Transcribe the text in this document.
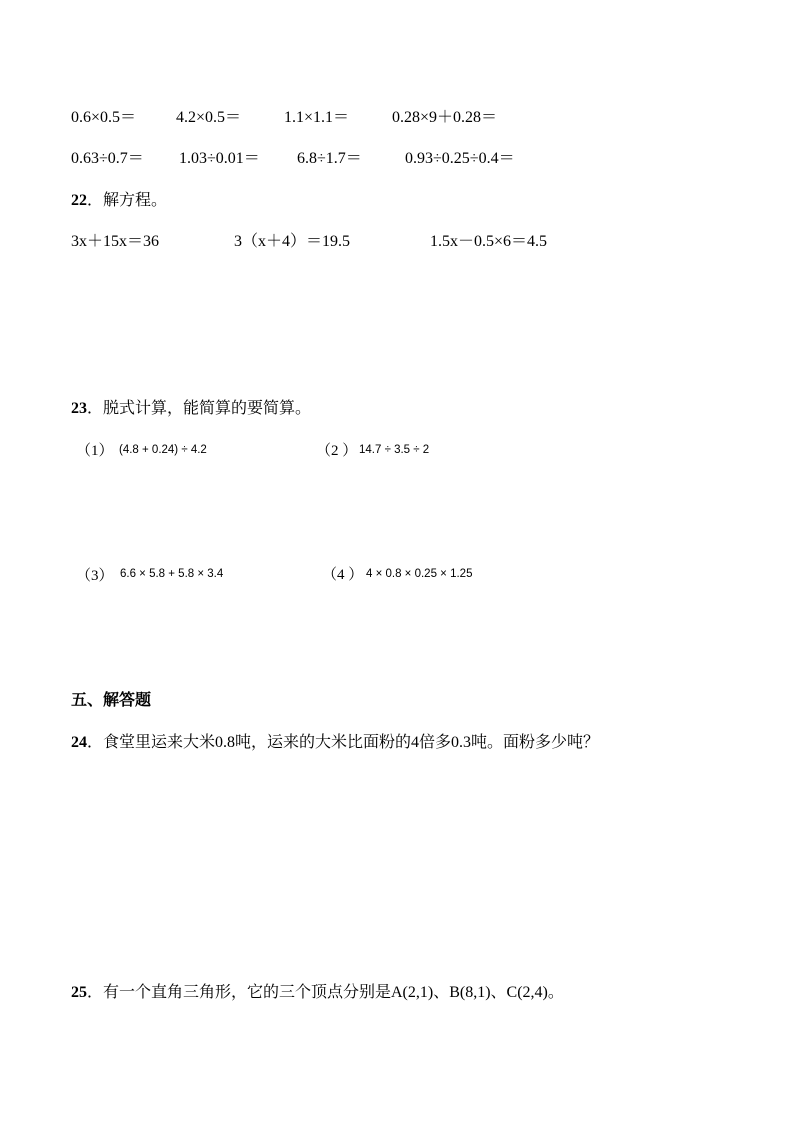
0.6×0.5＝ 4.2×0.5＝	1.1×1.1＝	0.28×9＋0.28＝
0.63÷0.7＝ 1.03÷0.01＝ 6.8÷1.7＝	0.93÷0.25÷0.4＝
22．解方程。
3x＋15x＝36	3（x＋4）＝19.5	1.5x－0.5×6＝4.5
23．脱式计算，能简算的要简算。
（1） (4.8 + 0.24) ÷ 4.2	（2 ） 14.7 ÷ 3.5 ÷ 2
（3） 6.6 × 5.8 + 5.8 × 3.4	（4 ） 4 × 0.8 × 0.25 × 1.25
五、解答题
24．食堂里运来大米0.8吨，运来的大米比面粉的4倍多0.3吨。面粉多少吨？
25．有一个直角三角形，它的三个顶点分别是A(2,1)、B(8,1)、C(2,4)。
